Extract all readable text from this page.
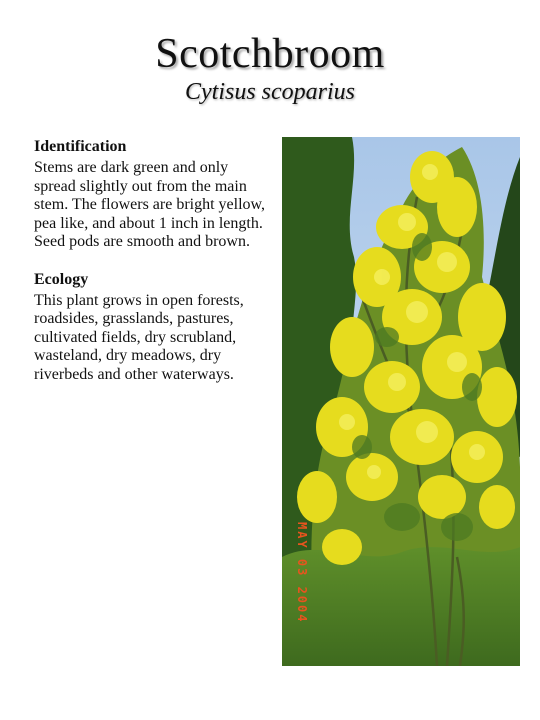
Scotchbroom
Cytisus scoparius
Identification

Stems are dark green and only spread slightly out from the main stem. The flowers are bright yellow, pea like, and about 1 inch in length. Seed pods are smooth and brown.

Ecology

This plant grows in open forests, roadsides, grasslands, pastures, cultivated fields, dry scrubland, wasteland, dry meadows, dry riverbeds and other waterways.

MAY 03 2004
